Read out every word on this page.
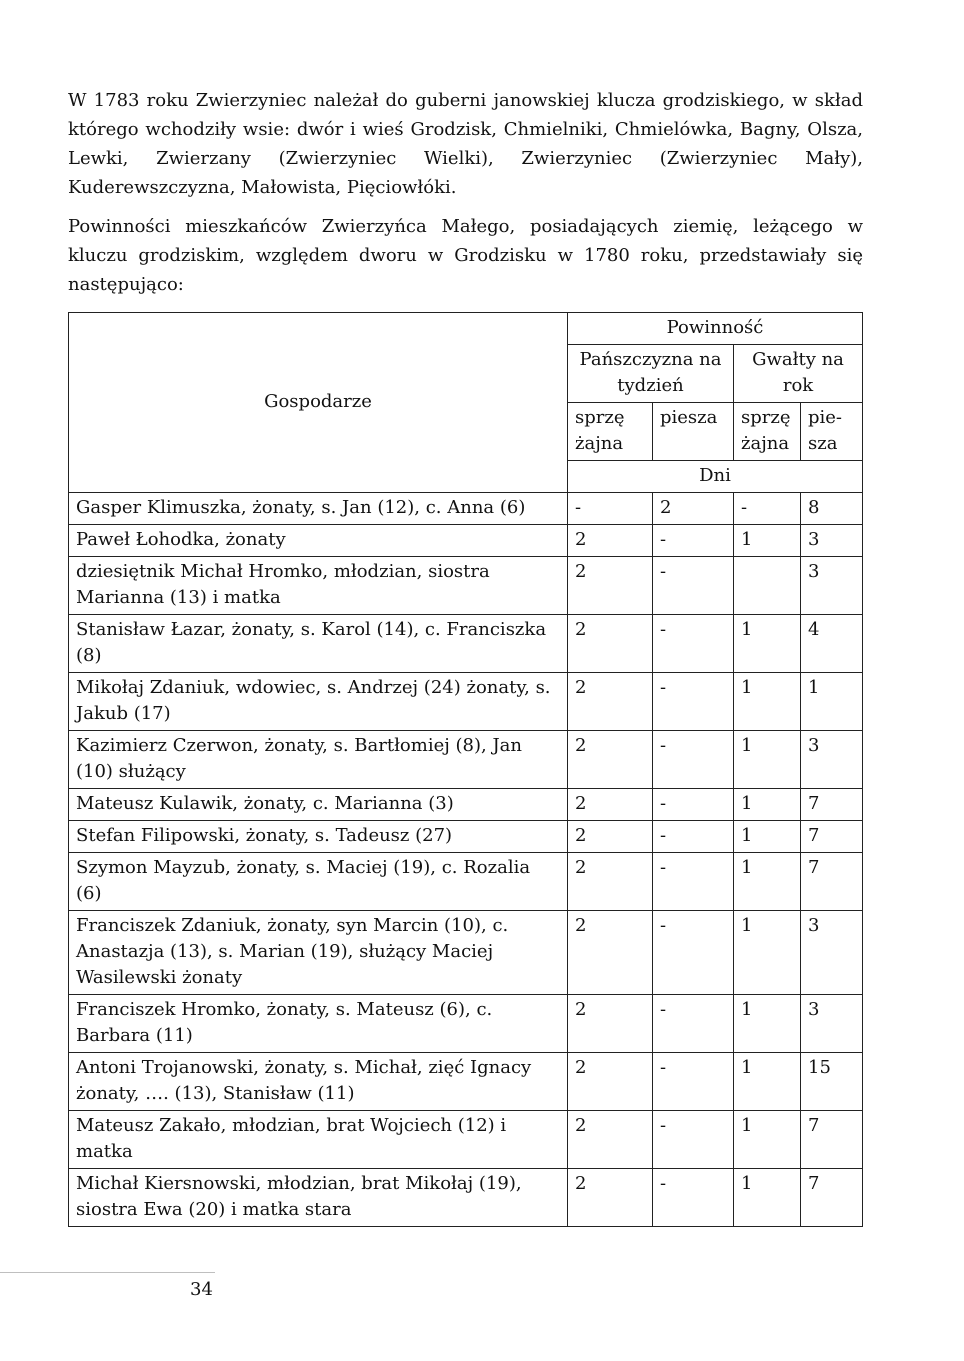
W 1783 roku Zwierzyniec należał do guberni janowskiej klucza grodziskiego, w skład którego wchodziły wsie: dwór i wieś Grodzisk, Chmielniki, Chmielówka, Bagny, Olsza, Lewki, Zwierzany (Zwierzyniec Wielki), Zwierzyniec (Zwierzyniec Mały), Kuderewszczyzna, Małowista, Pięciowłóki.

Powinności mieszkańców Zwierzyńca Małego, posiadających ziemię, leżącego w kluczu grodziskim, względem dworu w Grodzisku w 1780 roku, przedstawiały się następująco:

Gospodarze	Powinność			
	Pańszczyzna na tydzień		Gwałty na rok	
	sprzę żajna	piesza	sprzę żajna	pie- sza
	Dni			
Gasper Klimuszka, żonaty, s. Jan (12), c. Anna (6)	-	2	-	8
Paweł Łohodka, żonaty	2	-	1	3
dziesiętnik Michał Hromko, młodzian, siostra Marianna (13) i matka	2	-		3
Stanisław Łazar, żonaty, s. Karol (14), c. Franciszka (8)	2	-	1	4
Mikołaj Zdaniuk, wdowiec, s. Andrzej (24) żonaty, s. Jakub (17)	2	-	1	1
Kazimierz Czerwon, żonaty, s. Bartłomiej (8), Jan (10) służący	2	-	1	3
Mateusz Kulawik, żonaty, c. Marianna (3)	2	-	1	7
Stefan Filipowski, żonaty, s. Tadeusz (27)	2	-	1	7
Szymon Mayzub, żonaty, s. Maciej (19), c. Rozalia (6)	2	-	1	7
Franciszek Zdaniuk, żonaty, syn Marcin (10), c. Anastazja (13), s. Marian (19), służący Maciej Wasilewski żonaty	2	-	1	3
Franciszek Hromko, żonaty, s. Mateusz (6), c. Barbara (11)	2	-	1	3
Antoni Trojanowski, żonaty, s. Michał, zięć Ignacy żonaty, …. (13), Stanisław (11)	2	-	1	15
Mateusz Zakało, młodzian, brat Wojciech (12) i matka	2	-	1	7
Michał Kiersnowski, młodzian, brat Mikołaj (19), siostra Ewa (20) i matka stara	2	-	1	7
34
